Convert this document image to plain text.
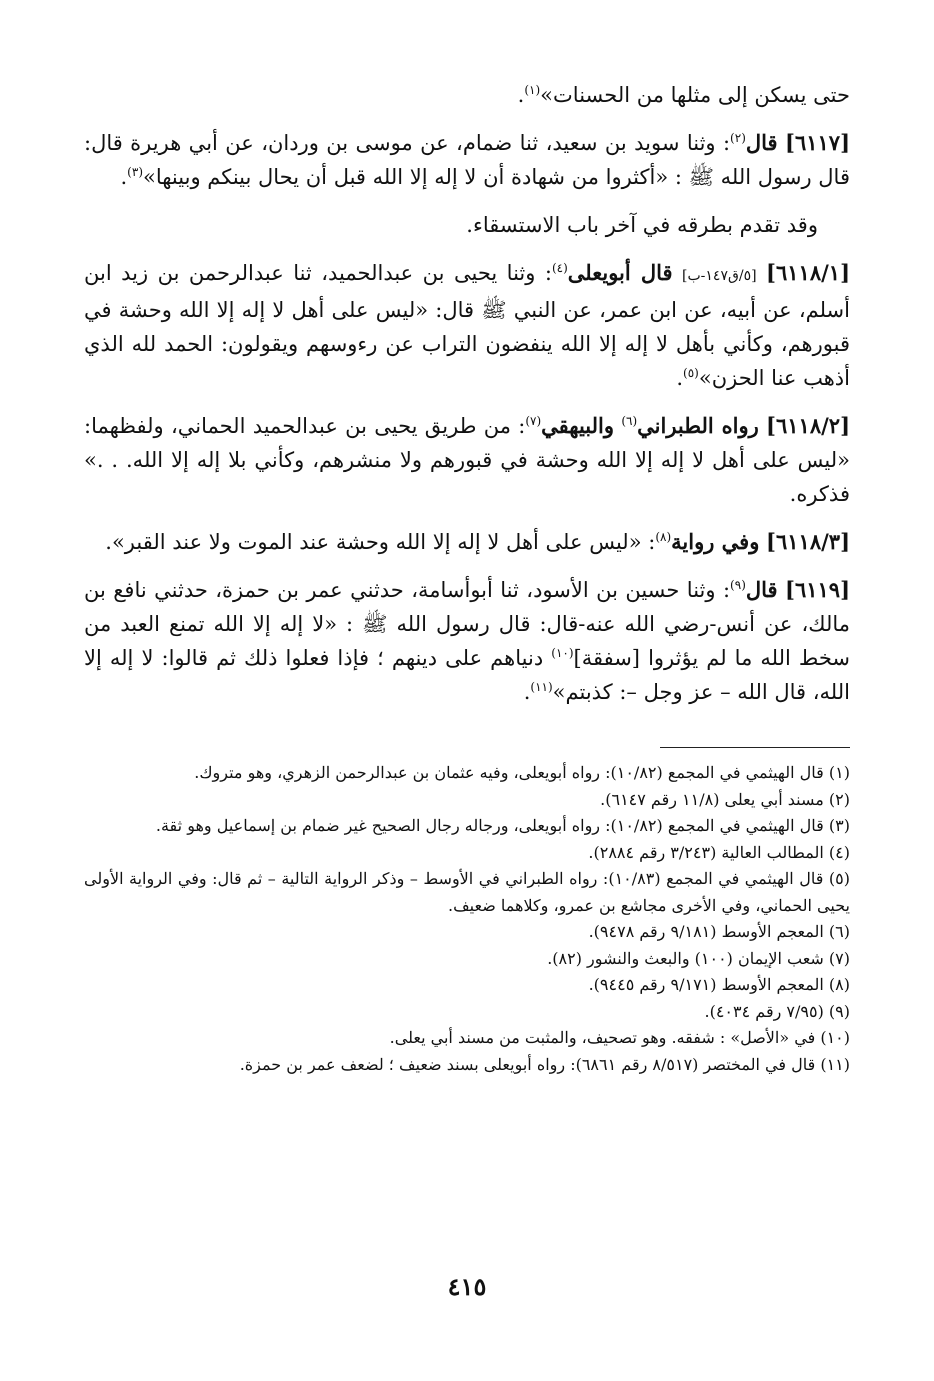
حتى يسكن إلى مثلها من الحسنات»$^{(١)}$.

[٦١١٧] قال$^{(٢)}$: وثنا سويد بن سعيد، ثنا ضمام، عن موسى بن وردان، عن أبي هريرة قال: قال رسول الله ﷺ : «أكثروا من شهادة أن لا إله إلا الله قبل أن يحال بينكم وبينها»$^{(٣)}$.

وقد تقدم بطرقه في آخر باب الاستسقاء.

[٦١١٨/١] [٥/ق١٤٧-ب] قال أبويعلى$^{(٤)}$: وثنا يحيى بن عبدالحميد، ثنا عبدالرحمن بن زيد ابن أسلم، عن أبيه، عن ابن عمر، عن النبي ﷺ قال: «ليس على أهل لا إله إلا الله وحشة في قبورهم، وكأني بأهل لا إله إلا الله ينفضون التراب عن رءوسهم ويقولون: الحمد لله الذي أذهب عنا الحزن»$^{(٥)}$.

[٦١١٨/٢] رواه الطبراني$^{(٦)}$ والبيهقي$^{(٧)}$: من طريق يحيى بن عبدالحميد الحماني، ولفظهما: «ليس على أهل لا إله إلا الله وحشة في قبورهم ولا منشرهم، وكأني بلا إله إلا الله. . .» فذكره.

[٦١١٨/٣] وفي رواية$^{(٨)}$: «ليس على أهل لا إله إلا الله وحشة عند الموت ولا عند القبر».

[٦١١٩] قال$^{(٩)}$: وثنا حسين بن الأسود، ثنا أبوأسامة، حدثني عمر بن حمزة، حدثني نافع بن مالك، عن أنس-رضي الله عنه-قال: قال رسول الله ﷺ : «لا إله إلا الله تمنع العبد من سخط الله ما لم يؤثروا [سفقة]$^{(١٠)}$ دنياهم على دينهم ؛ فإذا فعلوا ذلك ثم قالوا: لا إله إلا الله، قال الله – عز وجل –: كذبتم»$^{(١١)}$.

(١) قال الهيثمي في المجمع (١٠/٨٢): رواه أبويعلى، وفيه عثمان بن عبدالرحمن الزهري، وهو متروك.

(٢) مسند أبي يعلى (١١/٨ رقم ٦١٤٧).

(٣) قال الهيثمي في المجمع (١٠/٨٢): رواه أبويعلى، ورجاله رجال الصحيح غير ضمام بن إسماعيل وهو ثقة.

(٤) المطالب العالية (٣/٢٤٣ رقم ٢٨٨٤).

(٥) قال الهيثمي في المجمع (١٠/٨٣): رواه الطبراني في الأوسط – وذكر الرواية التالية – ثم قال: وفي الرواية الأولى يحيى الحماني، وفي الأخرى مجاشع بن عمرو، وكلاهما ضعيف.

(٦) المعجم الأوسط (٩/١٨١ رقم ٩٤٧٨).

(٧) شعب الإيمان (١٠٠) والبعث والنشور (٨٢).

(٨) المعجم الأوسط (٩/١٧١ رقم ٩٤٤٥).

(٩) (٧/٩٥ رقم ٤٠٣٤).

(١٠) في «الأصل» : شفقه. وهو تصحيف، والمثبت من مسند أبي يعلى.

(١١) قال في المختصر (٨/٥١٧ رقم ٦٨٦١): رواه أبويعلى بسند ضعيف ؛ لضعف عمر بن حمزة.

٤١٥
